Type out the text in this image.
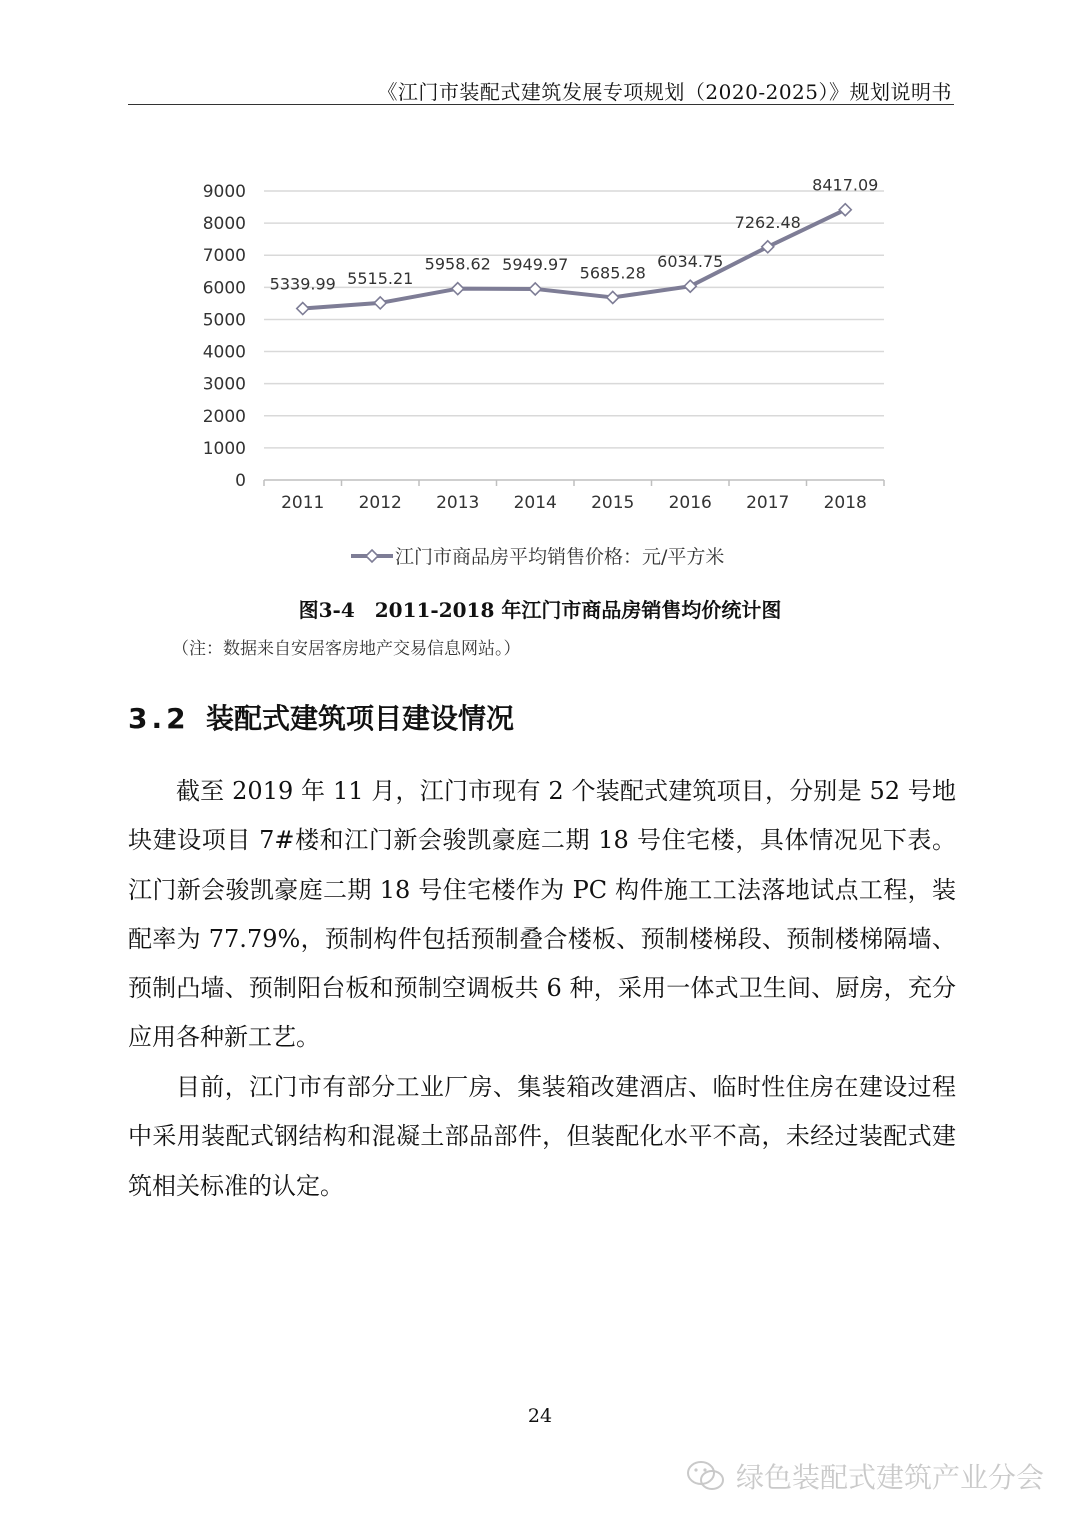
《江门市装配式建筑发展专项规划（2020-2025）》规划说明书
0
1000
2000
3000
4000
5000
6000
7000
8000
9000
2011 2012 2013 2014 2015 2016 2017 2018
5339.99 5515.21
5958.62 5949.97 5685.28
6034.75
7262.48
8417.09
江门市商品房平均销售价格：元/平方米
图3-4　2011-2018 年江门市商品房销售均价统计图
（注：数据来自安居客房地产交易信息网站。）
3.2 装配式建筑项目建设情况

截至 2019 年 11 月，江门市现有 2 个装配式建筑项目，分别是 52 号地块建设项目 7#楼和江门新会骏凯豪庭二期 18 号住宅楼，具体情况见下表。江门新会骏凯豪庭二期 18 号住宅楼作为 PC 构件施工工法落地试点工程，装配率为 77.79%，预制构件包括预制叠合楼板、预制楼梯段、预制楼梯隔墙、预制凸墙、预制阳台板和预制空调板共 6 种，采用一体式卫生间、厨房，充分应用各种新工艺。

目前，江门市有部分工业厂房、集装箱改建酒店、临时性住房在建设过程中采用装配式钢结构和混凝土部品部件，但装配化水平不高，未经过装配式建筑相关标准的认定。

24
绿色装配式建筑产业分会
